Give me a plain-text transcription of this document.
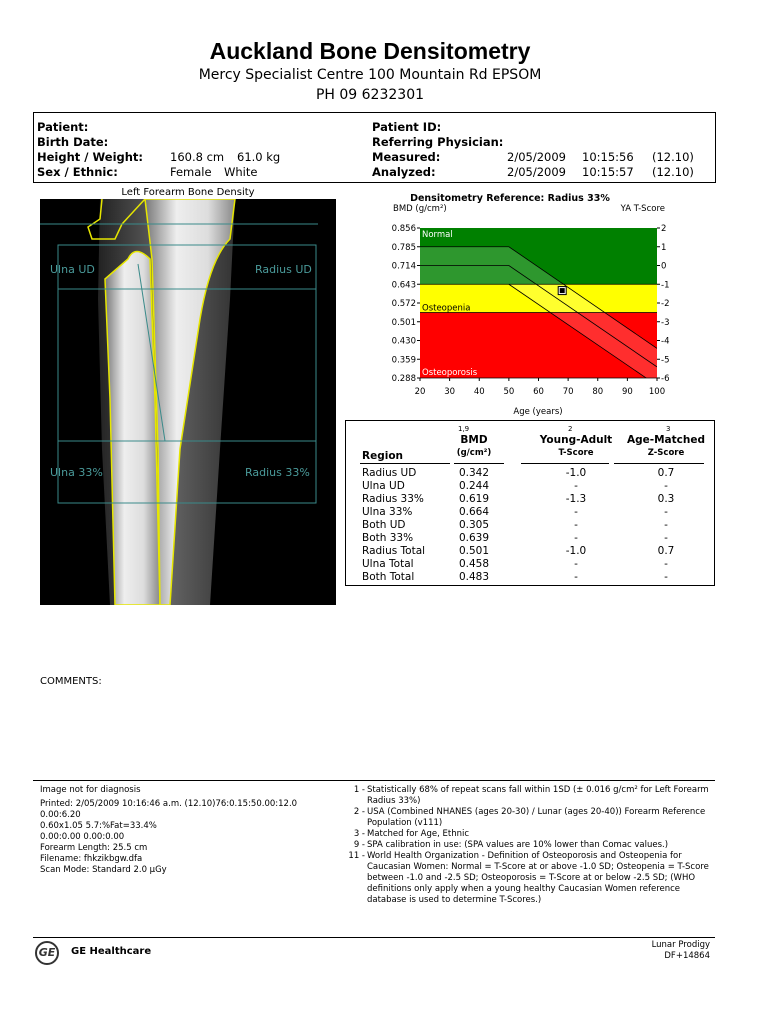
Auckland Bone Densitometry
Mercy Specialist Centre 100 Mountain Rd EPSOM
PH 09 6232301
Patient:
Birth Date:
Height / Weight: 160.8 cm 61.0 kg
Sex / Ethnic:	Female White
Patient ID:
Referring Physician:
Measured:	2/05/2009 10:15:56 (12.10)
Analyzed:	2/05/2009 10:15:57 (12.10)
Left Forearm Bone Density
Ulna UD	Radius UD
Ulna 33%	Radius 33%
Densitometry Reference: Radius 33%
BMD (g/cm²)	YA T-Score
Age (years)
Normal
Osteopenia
Osteoporosis
0.856
0.785
0.714
0.643
0.572
0.501
0.430
0.359
0.288
2
1
0
-1
-2
-3
-4
-5
-6
20 30 40 50 60 70 80 90 100
1,9	2	3
BMD	Young-Adult	Age-Matched
Region	(g/cm²)	T-Score	Z-Score
Radius UD	0.342	-1.0	0.7
Ulna UD	0.244	-	-
Radius 33%	0.619	-1.3	0.3
Ulna 33%	0.664	-	-
Both UD	0.305	-	-
Both 33%	0.639	-	-
Radius Total	0.501	-1.0	0.7
Ulna Total	0.458	-	-
Both Total	0.483	-	-
COMMENTS:
Image not for diagnosis
Printed: 2/05/2009 10:16:46 a.m. (12.10)76:0.15:50.00:12.0 0.00:6.20
0.60x1.05 5.7:%Fat=33.4%
0.00:0.00 0.00:0.00
Forearm Length: 25.5 cm
Filename: fhkzikbgw.dfa
Scan Mode: Standard 2.0 µGy
1 - Statistically 68% of repeat scans fall within 1SD (± 0.016 g/cm² for Left Forearm Radius 33%)
2 - USA (Combined NHANES (ages 20-30) / Lunar (ages 20-40)) Forearm Reference Population (v111)
3 - Matched for Age, Ethnic
9 - SPA calibration in use: (SPA values are 10% lower than Comac values.)
11 - World Health Organization - Definition of Osteoporosis and Osteopenia for Caucasian Women: Normal = T-Score at or above -1.0 SD; Osteopenia = T-Score between -1.0 and -2.5 SD; Osteoporosis = T-Score at or below -2.5 SD; (WHO definitions only apply when a young healthy Caucasian Women reference database is used to determine T-Scores.)
GE	GE Healthcare
Lunar Prodigy
DF+14864
